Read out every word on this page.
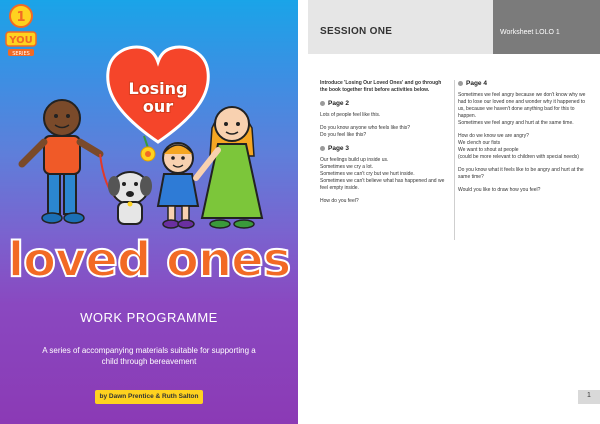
1
YOU
SERIES
Losing
our
loved ones
WORK PROGRAMME
A series of accompanying materials suitable for supporting a child through bereavement
by Dawn Prentice & Ruth Salton
SESSION ONE	Worksheet LOLO 1

Introduce 'Losing Our Loved Ones' and go through the book together first before activities below.

Page 2

Lots of people feel like this.

Do you know anyone who feels like this?
Do you feel like this?

Page 3

Our feelings build up inside us.
Sometimes we cry a lot.
Sometimes we can't cry but we hurt inside.
Sometimes we can't believe what has happened and we feel empty inside.

How do you feel?

Page 4

Sometimes we feel angry because we don't know why we had to lose our loved one and wonder why it happened to us, because we haven't done anything bad for this to happen.
Sometimes we feel angry and hurt at the same time.

How do we know we are angry?
We clench our fists
We want to shout at people
(could be more relevant to children with special needs)

Do you know what it feels like to be angry and hurt at the same time?

Would you like to draw how you feel?

1
